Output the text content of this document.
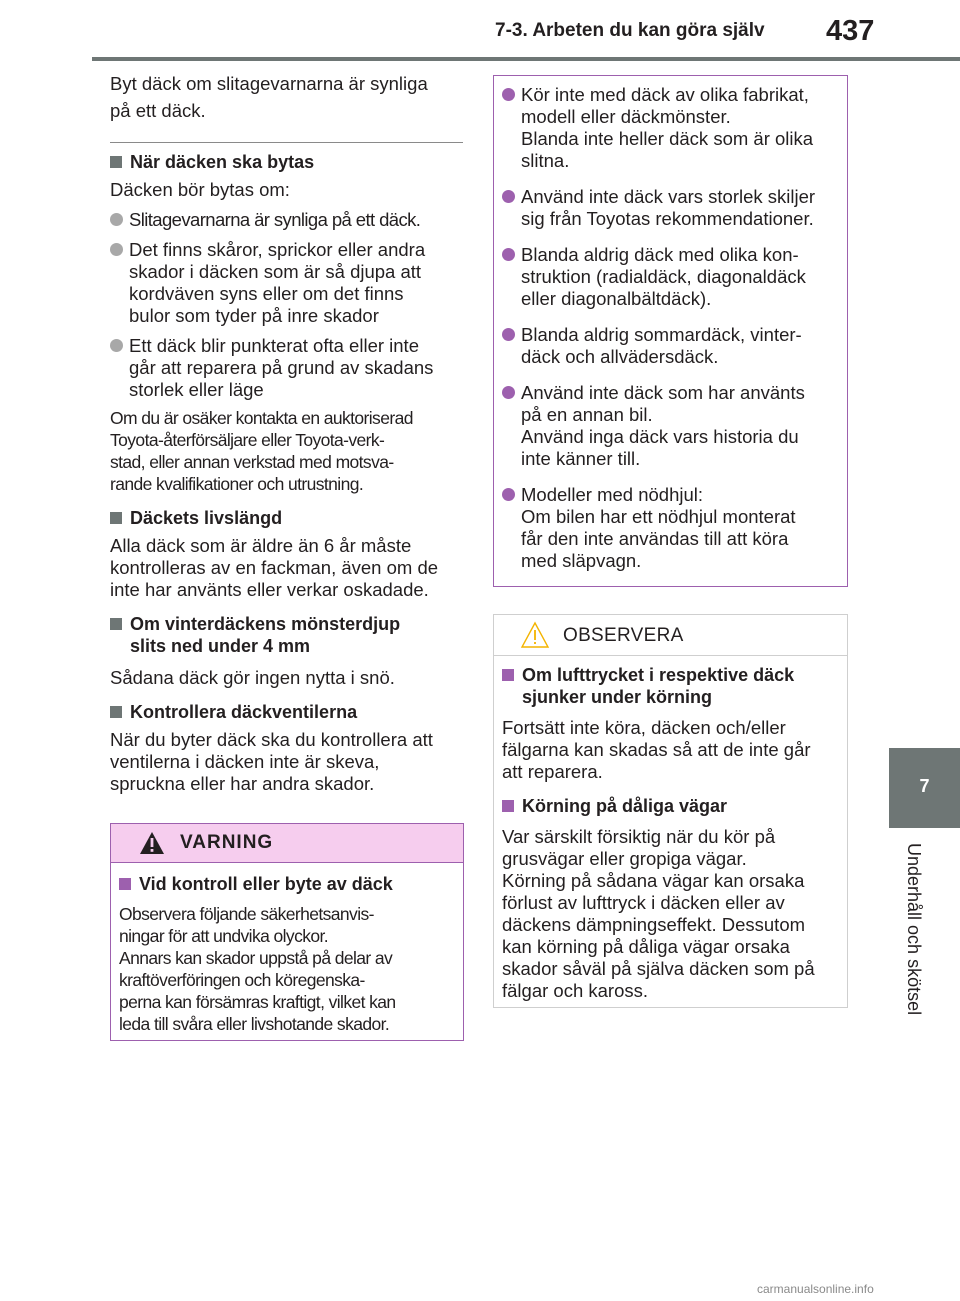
7-3. Arbeten du kan göra själv 437
7
Underhåll och skötsel

Byt däck om slitagevarnarna är synliga
på ett däck.

När däcken ska bytas

Däcken bör bytas om:

Slitagevarnarna är synliga på ett däck.

Det finns skåror, sprickor eller andra
skador i däcken som är så djupa att
kordväven syns eller om det finns
bulor som tyder på inre skador

Ett däck blir punkterat ofta eller inte
går att reparera på grund av skadans
storlek eller läge

Om du är osäker kontakta en auktoriserad
Toyota-återförsäljare eller Toyota-verk-
stad, eller annan verkstad med motsva-
rande kvalifikationer och utrustning.

Däckets livslängd

Alla däck som är äldre än 6 år måste
kontrolleras av en fackman, även om de
inte har använts eller verkar oskadade.

Om vinterdäckens mönsterdjup
slits ned under 4 mm

Sådana däck gör ingen nytta i snö.

Kontrollera däckventilerna

När du byter däck ska du kontrollera att
ventilerna i däcken inte är skeva,
spruckna eller har andra skador.

VARNING
Vid kontroll eller byte av däck

Observera följande säkerhetsanvis-
ningar för att undvika olyckor.
Annars kan skador uppstå på delar av
kraftöverföringen och köregenska-
perna kan försämras kraftigt, vilket kan
leda till svåra eller livshotande skador.

Kör inte med däck av olika fabrikat,
modell eller däckmönster.
Blanda inte heller däck som är olika
slitna.

Använd inte däck vars storlek skiljer
sig från Toyotas rekommendationer.

Blanda aldrig däck med olika kon-
struktion (radialdäck, diagonaldäck
eller diagonalbältdäck).

Blanda aldrig sommardäck, vinter-
däck och allvädersdäck.

Använd inte däck som har använts
på en annan bil.
Använd inga däck vars historia du
inte känner till.

Modeller med nödhjul:
Om bilen har ett nödhjul monterat
får den inte användas till att köra
med släpvagn.

OBSERVERA
Om lufttrycket i respektive däck
sjunker under körning

Fortsätt inte köra, däcken och/eller
fälgarna kan skadas så att de inte går
att reparera.

Körning på dåliga vägar

Var särskilt försiktig när du kör på
grusvägar eller gropiga vägar.
Körning på sådana vägar kan orsaka
förlust av lufttryck i däcken eller av
däckens dämpningseffekt. Dessutom
kan körning på dåliga vägar orsaka
skador såväl på själva däcken som på
fälgar och kaross.

carmanualsonline.info
